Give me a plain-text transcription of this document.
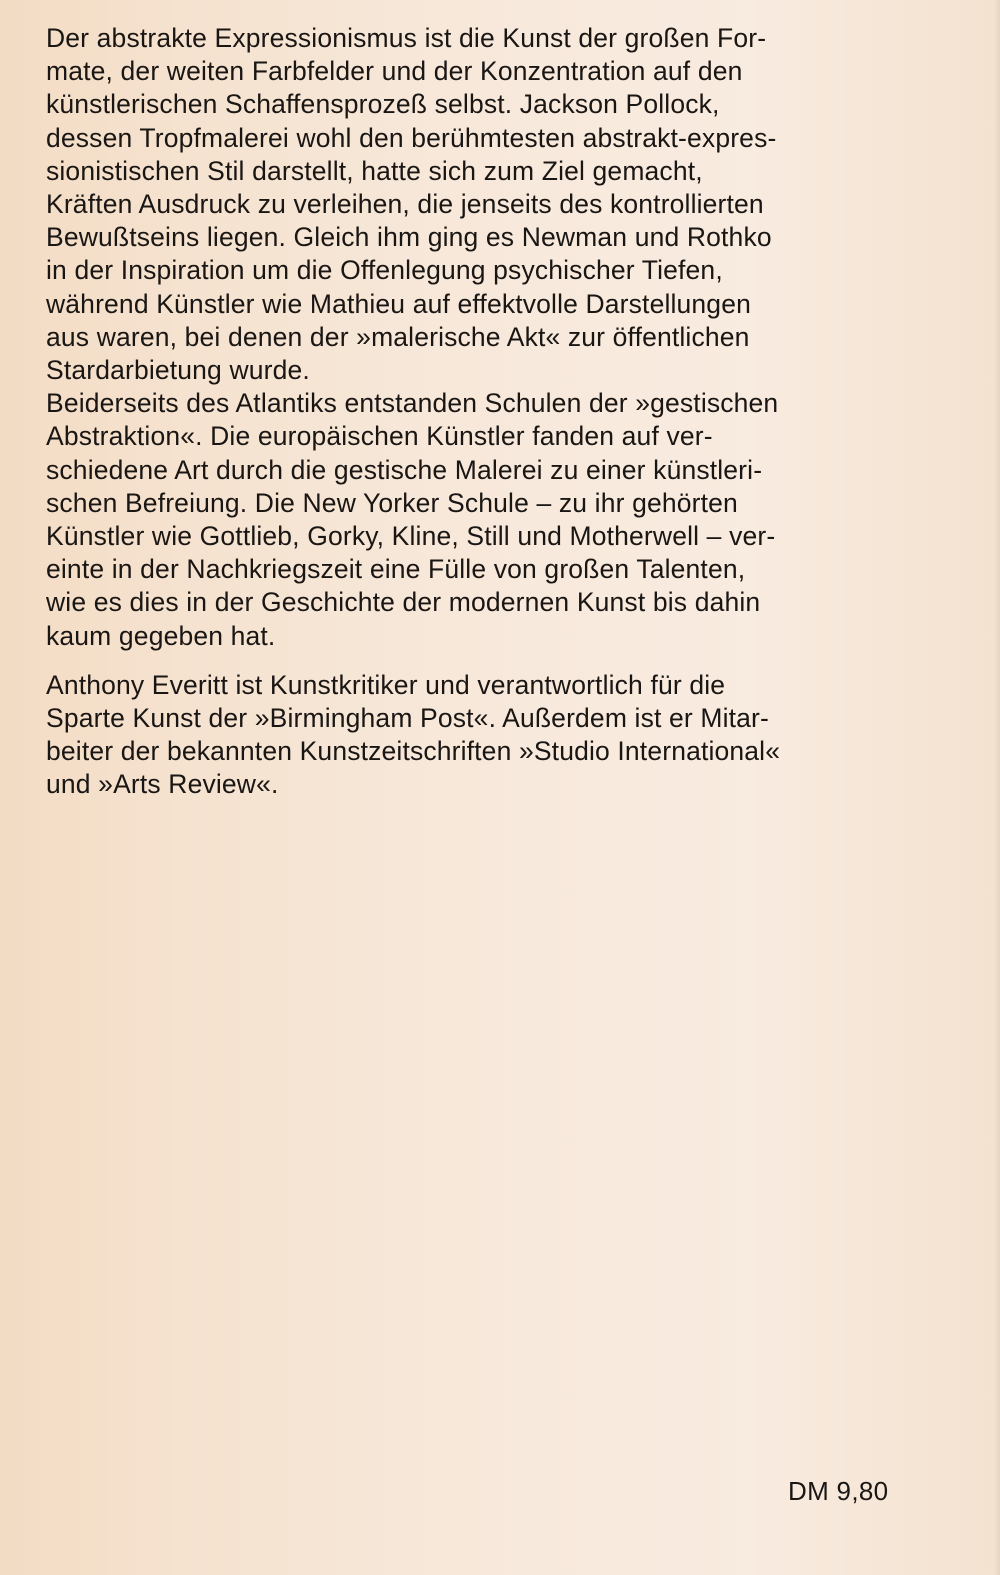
Der abstrakte Expressionismus ist die Kunst der großen For-
mate, der weiten Farbfelder und der Konzentration auf den
künstlerischen Schaffensprozeß selbst. Jackson Pollock,
dessen Tropfmalerei wohl den berühmtesten abstrakt-expres-
sionistischen Stil darstellt, hatte sich zum Ziel gemacht,
Kräften Ausdruck zu verleihen, die jenseits des kontrollierten
Bewußtseins liegen. Gleich ihm ging es Newman und Rothko
in der Inspiration um die Offenlegung psychischer Tiefen,
während Künstler wie Mathieu auf effektvolle Darstellungen
aus waren, bei denen der »malerische Akt« zur öffentlichen
Stardarbietung wurde.
Beiderseits des Atlantiks entstanden Schulen der »gestischen
Abstraktion«. Die europäischen Künstler fanden auf ver-
schiedene Art durch die gestische Malerei zu einer künstleri-
schen Befreiung. Die New Yorker Schule – zu ihr gehörten
Künstler wie Gottlieb, Gorky, Kline, Still und Motherwell – ver-
einte in der Nachkriegszeit eine Fülle von großen Talenten,
wie es dies in der Geschichte der modernen Kunst bis dahin
kaum gegeben hat.
Anthony Everitt ist Kunstkritiker und verantwortlich für die
Sparte Kunst der »Birmingham Post«. Außerdem ist er Mitar-
beiter der bekannten Kunstzeitschriften »Studio International«
und »Arts Review«.
DM 9,80
